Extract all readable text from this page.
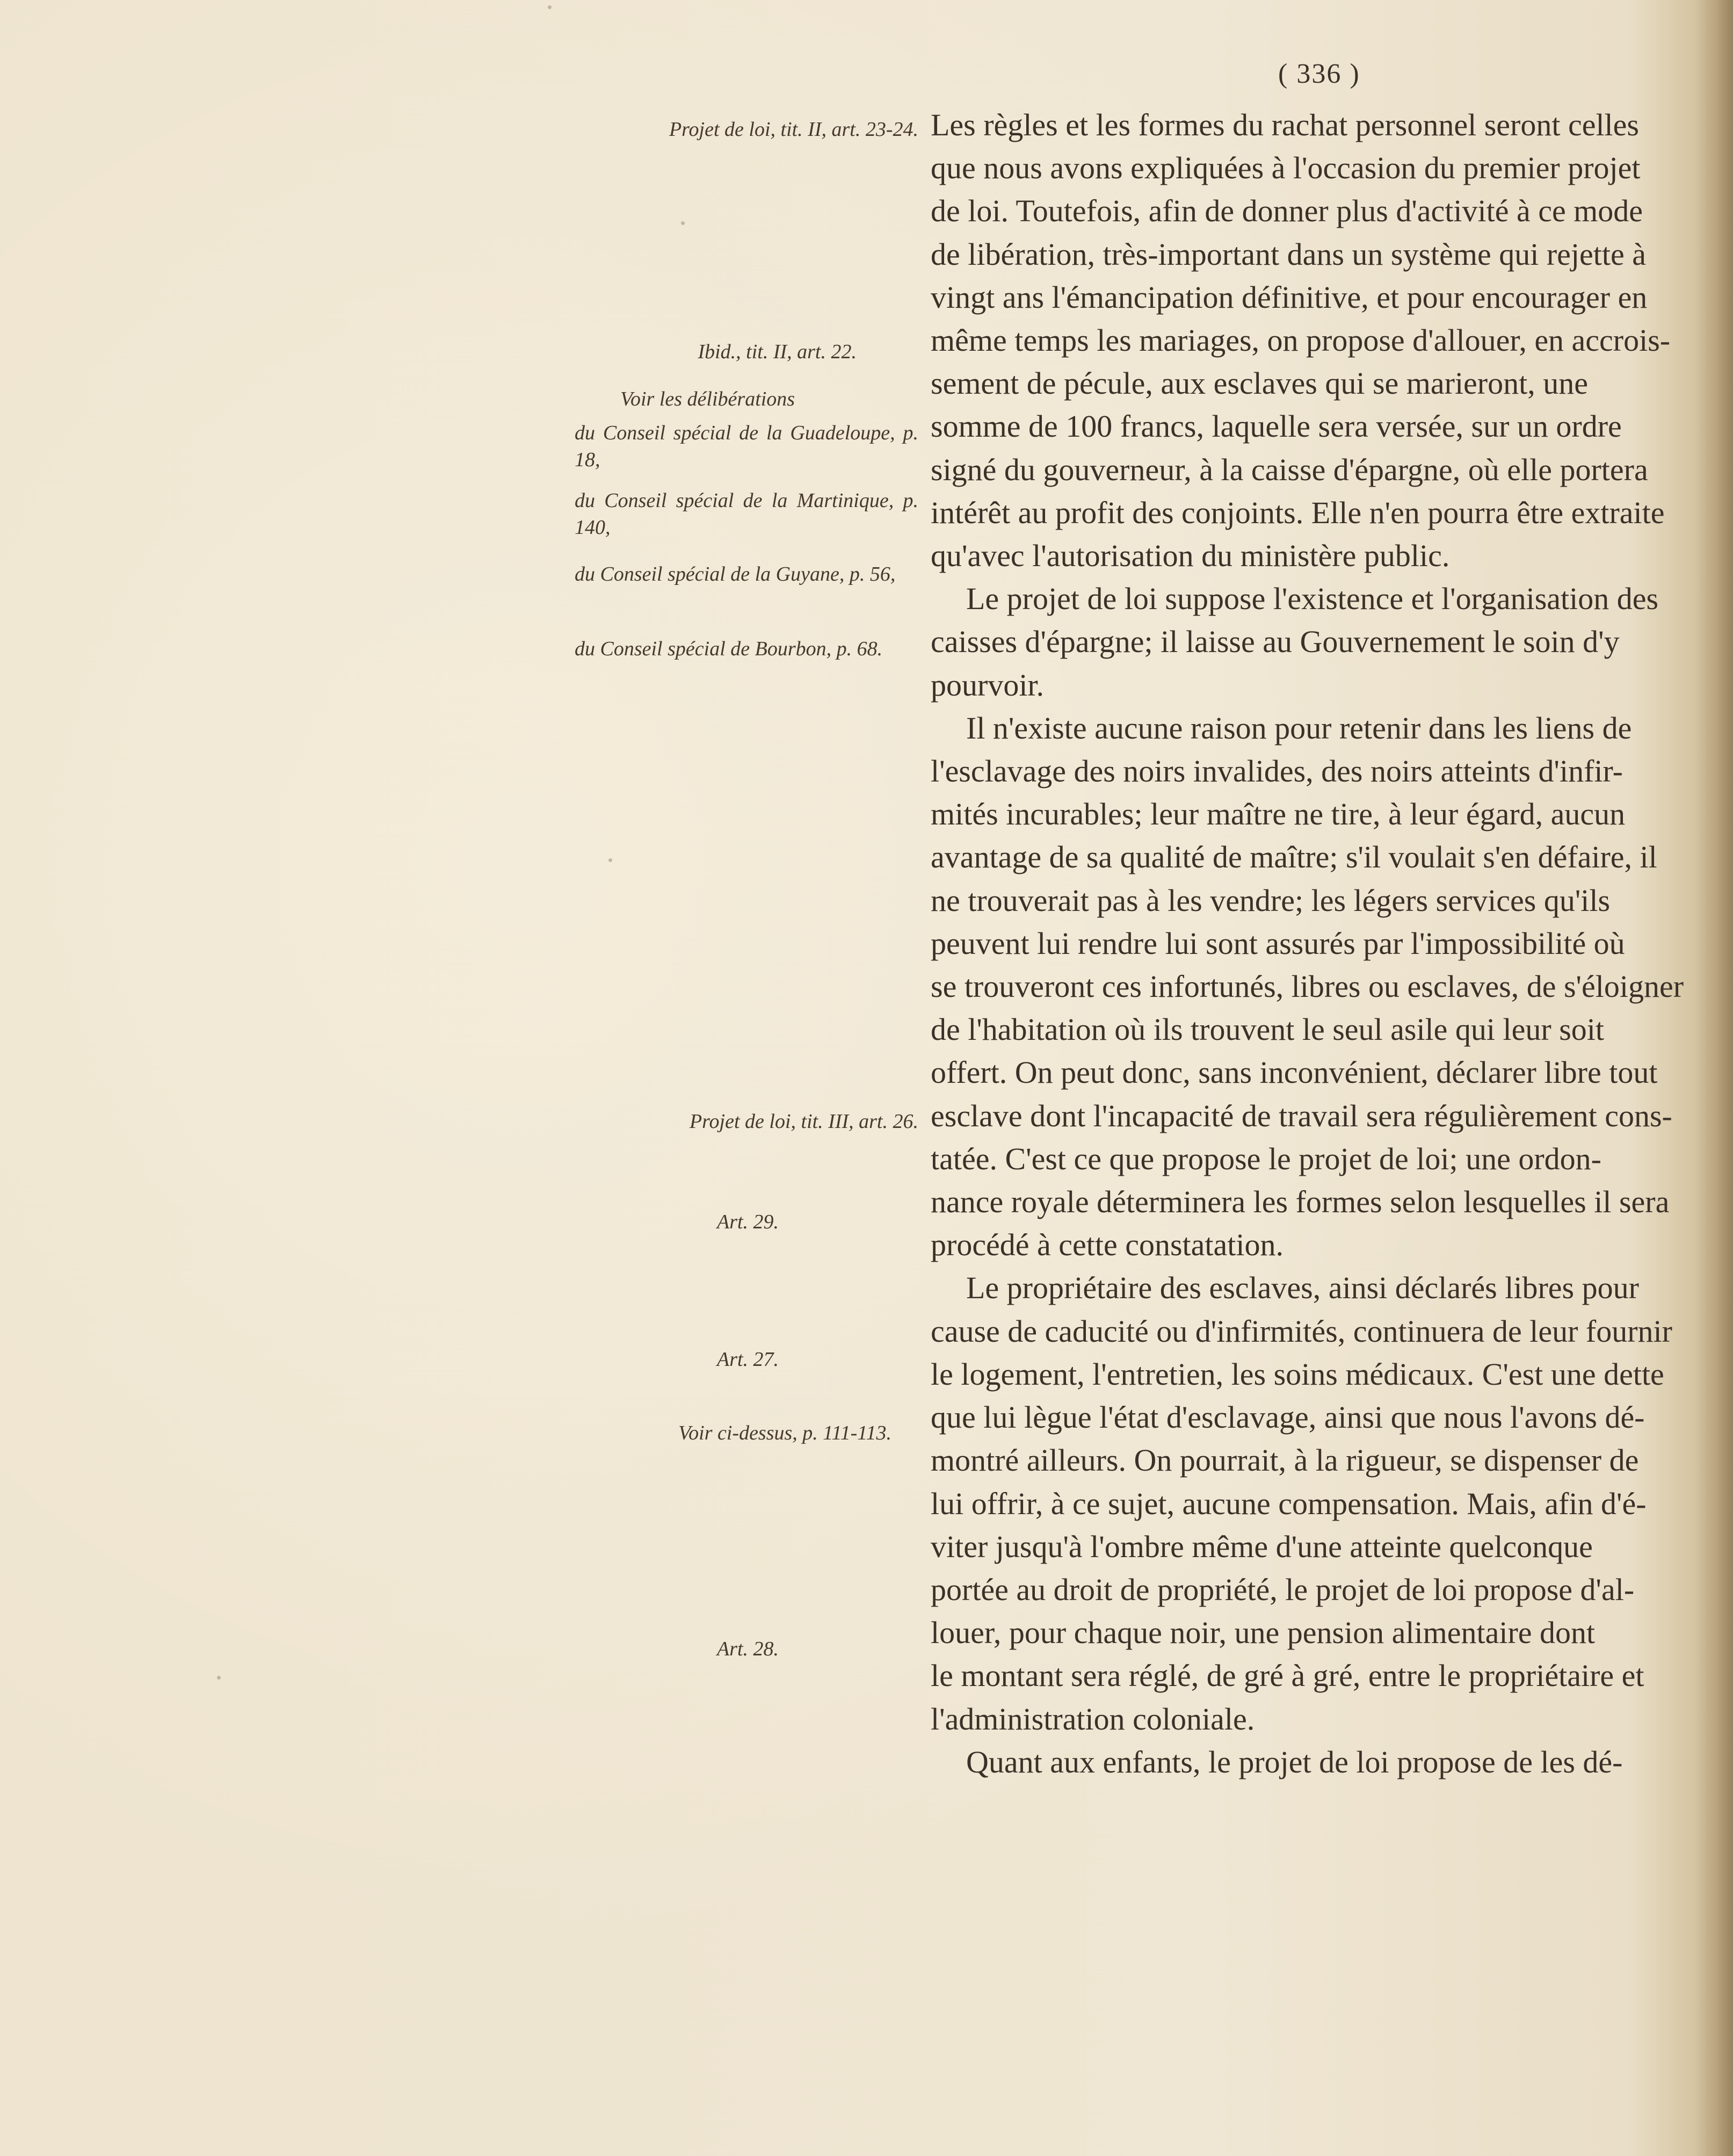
( 336 )
Projet de loi, tit. II, art. 23-24.
Ibid., tit. II, art. 22.
Voir les délibérations
du Conseil spécial de la Guadeloupe, p. 18,
du Conseil spécial de la Martinique, p. 140,
du Conseil spécial de la Guyane, p. 56,
du Conseil spécial de Bourbon, p. 68.
Projet de loi, tit. III, art. 26.
Art. 29.
Art. 27.
Voir ci-dessus, p. 111-113.
Art. 28.
Les règles et les formes du rachat personnel seront celles
que nous avons expliquées à l'occasion du premier projet
de loi. Toutefois, afin de donner plus d'activité à ce mode
de libération, très-important dans un système qui rejette à
vingt ans l'émancipation définitive, et pour encourager en
même temps les mariages, on propose d'allouer, en accrois-
sement de pécule, aux esclaves qui se marieront, une
somme de 100 francs, laquelle sera versée, sur un ordre
signé du gouverneur, à la caisse d'épargne, où elle portera
intérêt au profit des conjoints. Elle n'en pourra être extraite
qu'avec l'autorisation du ministère public.
Le projet de loi suppose l'existence et l'organisation des
caisses d'épargne; il laisse au Gouvernement le soin d'y
pourvoir.
Il n'existe aucune raison pour retenir dans les liens de
l'esclavage des noirs invalides, des noirs atteints d'infir-
mités incurables; leur maître ne tire, à leur égard, aucun
avantage de sa qualité de maître; s'il voulait s'en défaire, il
ne trouverait pas à les vendre; les légers services qu'ils
peuvent lui rendre lui sont assurés par l'impossibilité où
se trouveront ces infortunés, libres ou esclaves, de s'éloigner
de l'habitation où ils trouvent le seul asile qui leur soit
offert. On peut donc, sans inconvénient, déclarer libre tout
esclave dont l'incapacité de travail sera régulièrement cons-
tatée. C'est ce que propose le projet de loi; une ordon-
nance royale déterminera les formes selon lesquelles il sera
procédé à cette constatation.
Le propriétaire des esclaves, ainsi déclarés libres pour
cause de caducité ou d'infirmités, continuera de leur fournir
le logement, l'entretien, les soins médicaux. C'est une dette
que lui lègue l'état d'esclavage, ainsi que nous l'avons dé-
montré ailleurs. On pourrait, à la rigueur, se dispenser de
lui offrir, à ce sujet, aucune compensation. Mais, afin d'é-
viter jusqu'à l'ombre même d'une atteinte quelconque
portée au droit de propriété, le projet de loi propose d'al-
louer, pour chaque noir, une pension alimentaire dont
le montant sera réglé, de gré à gré, entre le propriétaire et
l'administration coloniale.
Quant aux enfants, le projet de loi propose de les dé-
